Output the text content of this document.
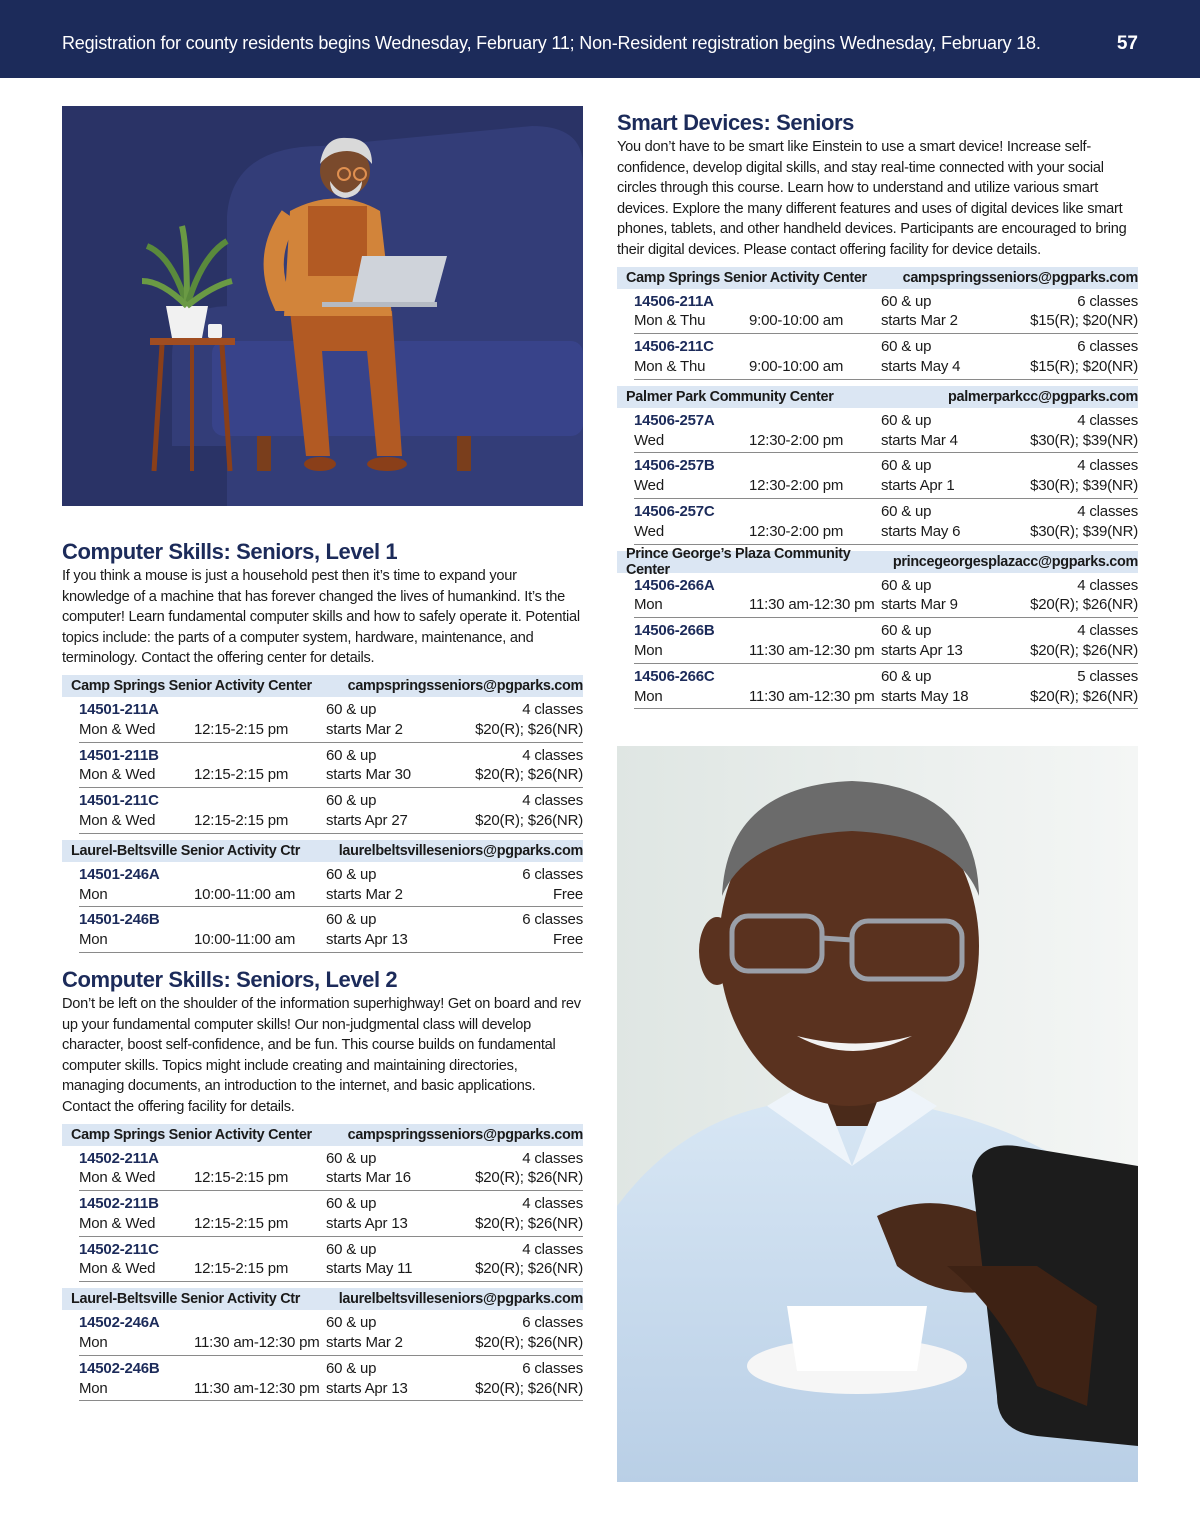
Registration for county residents begins Wednesday, February 11; Non-Resident registration begins Wednesday, February 18.	57
Computer Skills: Seniors, Level 1
If you think a mouse is just a household pest then it’s time to expand your knowledge of a machine that has forever changed the lives of humankind. It’s the computer! Learn fundamental computer skills and how to safely operate it. Potential topics include: the parts of a computer system, hardware, maintenance, and terminology. Contact the offering center for details.
Camp Springs Senior Activity Center campspringsseniors@pgparks.com
14501-211A	60 & up	4 classes
Mon & Wed	12:15-2:15 pm	starts Mar 2	$20(R); $26(NR)
14501-211B	60 & up	4 classes
Mon & Wed	12:15-2:15 pm	starts Mar 30	$20(R); $26(NR)
14501-211C	60 & up	4 classes
Mon & Wed	12:15-2:15 pm	starts Apr 27	$20(R); $26(NR)
Laurel-Beltsville Senior Activity Ctr	laurelbeltsvilleseniors@pgparks.com
14501-246A	60 & up	6 classes
Mon	10:00-11:00 am	starts Mar 2	Free
14501-246B	60 & up	6 classes
Mon	10:00-11:00 am	starts Apr 13	Free
Computer Skills: Seniors, Level 2
Don’t be left on the shoulder of the information superhighway! Get on board and rev up your fundamental computer skills! Our non-judgmental class will develop character, boost self-confidence, and be fun. This course builds on fundamental computer skills. Topics might include creating and maintaining directories, managing documents, an introduction to the internet, and basic applications. Contact the offering facility for details.
Camp Springs Senior Activity Center campspringsseniors@pgparks.com
14502-211A	60 & up	4 classes
Mon & Wed	12:15-2:15 pm	starts Mar 16	$20(R); $26(NR)
14502-211B	60 & up	4 classes
Mon & Wed	12:15-2:15 pm	starts Apr 13	$20(R); $26(NR)
14502-211C	60 & up	4 classes
Mon & Wed	12:15-2:15 pm	starts May 11	$20(R); $26(NR)
Laurel-Beltsville Senior Activity Ctr	laurelbeltsvilleseniors@pgparks.com
14502-246A	60 & up	6 classes
Mon	11:30 am-12:30 pm starts Mar 2	$20(R); $26(NR)
14502-246B	60 & up	6 classes
Mon	11:30 am-12:30 pm starts Apr 13	$20(R); $26(NR)
Smart Devices: Seniors
You don’t have to be smart like Einstein to use a smart device! Increase self-confidence, develop digital skills, and stay real-time connected with your social circles through this course. Learn how to understand and utilize various smart devices. Explore the many different features and uses of digital devices like smart phones, tablets, and other handheld devices. Participants are encouraged to bring their digital devices. Please contact offering facility for device details.
Camp Springs Senior Activity Center campspringsseniors@pgparks.com
14506-211A	60 & up	6 classes
Mon & Thu	9:00-10:00 am	starts Mar 2	$15(R); $20(NR)
14506-211C	60 & up	6 classes
Mon & Thu	9:00-10:00 am	starts May 4	$15(R); $20(NR)
Palmer Park Community Center	palmerparkcc@pgparks.com
14506-257A	60 & up	4 classes
Wed	12:30-2:00 pm	starts Mar 4	$30(R); $39(NR)
14506-257B	60 & up	4 classes
Wed	12:30-2:00 pm	starts Apr 1	$30(R); $39(NR)
14506-257C	60 & up	4 classes
Wed	12:30-2:00 pm	starts May 6	$30(R); $39(NR)
Prince George’s Plaza Community Center	princegeorgesplazacc@pgparks.com
14506-266A	60 & up	4 classes
Mon	11:30 am-12:30 pm starts Mar 9	$20(R); $26(NR)
14506-266B	60 & up	4 classes
Mon	11:30 am-12:30 pm starts Apr 13	$20(R); $26(NR)
14506-266C	60 & up	5 classes
Mon	11:30 am-12:30 pm starts May 18	$20(R); $26(NR)
